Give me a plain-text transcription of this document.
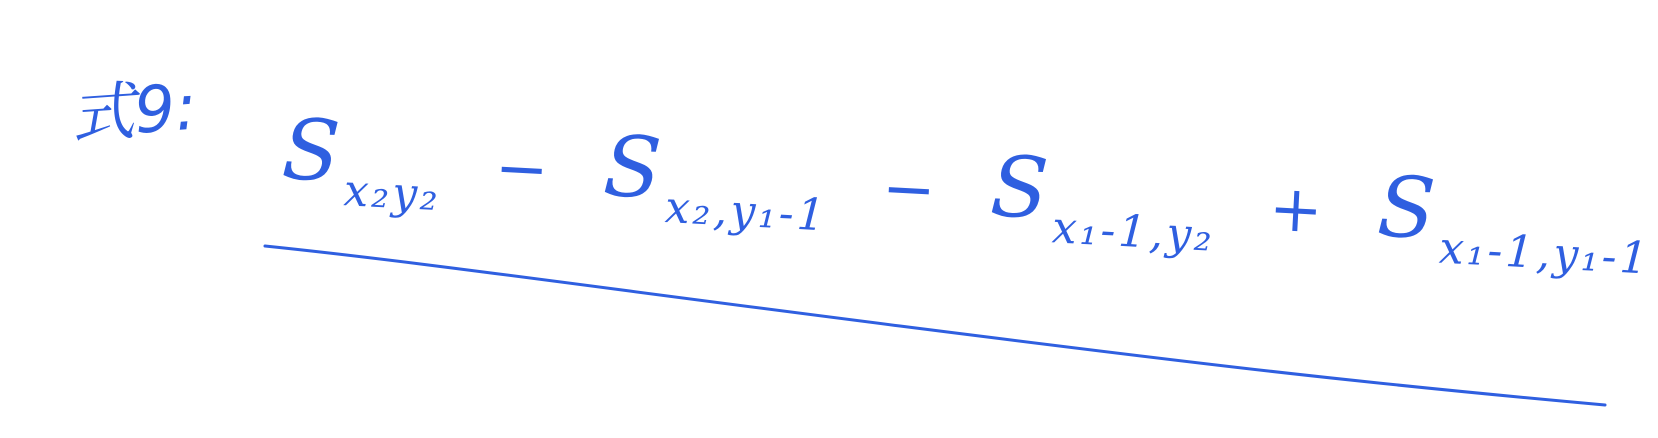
式9: $S_{x_2y_2} - S_{x_2,y_1-1} - S_{x_1-1,y_2} + S_{x_1-1,y_1-1}$
